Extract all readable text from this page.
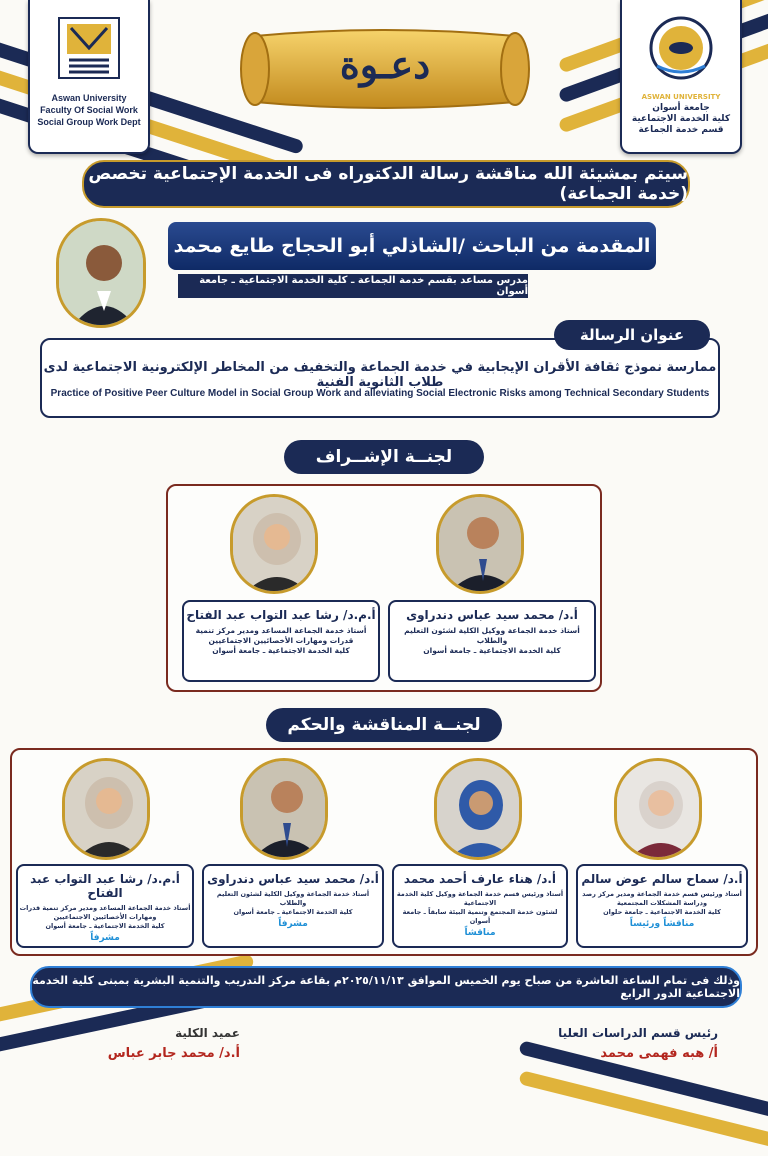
Aswan University
Faculty Of Social Work
Social Group Work Dept
ASWAN UNIVERSITY
جامعة أسوان
كلية الخدمة الاجتماعية
قسم خدمة الجماعة
دعـوة
سيتم بمشيئة الله مناقشة رسالة الدكتوراه فى الخدمة الإجتماعية تخصص (خدمة الجماعة)
المقدمة من الباحث /الشاذلي أبو الحجاج طايع محمد
مدرس مساعد بقسم خدمة الجماعة ـ كلية الخدمة الاجتماعية ـ جامعة أسوان
ممارسة نموذج ثقافة الأقران الإيجابية في خدمة الجماعة والتخفيف من المخاطر الإلكترونية الاجتماعية لدى طلاب الثانوية الفنية
Practice of Positive Peer Culture Model in Social Group Work and alleviating Social Electronic Risks among Technical Secondary Students
عنوان الرسالة
لجنــة الإشــراف
أ.د/ محمد سيد عباس دندراوى
أستاذ خدمة الجماعة ووكيل الكلية لشئون التعليم والطلاب
كلية الخدمة الاجتماعية ـ جامعة أسوان
أ.م.د/ رشا عبد التواب عبد الفتاح
أستاذ خدمة الجماعة المساعد ومدير مركز تنمية قدرات ومهارات الأخصائيين الاجتماعيين
كلية الخدمة الاجتماعية ـ جامعة أسوان
لجنــة المناقشة والحكم
أ.د/ سماح سالم عوض سالم
أستاذ ورئيس قسم خدمة الجماعة ومدير مركز رصد ودراسة المشكلات المجتمعية
كلية الخدمة الاجتماعية ـ جامعة حلوان
مناقشاً ورئيساً
أ.د/ هناء عارف أحمد محمد
أستاذ ورئيس قسم خدمة الجماعة ووكيل كلية الخدمة الاجتماعية
لشئون خدمة المجتمع وتنمية البيئة سابقاً ـ جامعة أسوان
مناقشاً
أ.د/ محمد سيد عباس دندراوى
أستاذ خدمة الجماعة ووكيل الكلية لشئون التعليم والطلاب
كلية الخدمة الاجتماعية ـ جامعة أسوان
مشرفاً
أ.م.د/ رشا عبد التواب عبد الفتاح
أستاذ خدمة الجماعة المساعد ومدير مركز تنمية قدرات ومهارات الأخصائيين الاجتماعيين
كلية الخدمة الاجتماعية ـ جامعة أسوان
مشرفاً
وذلك فى تمام الساعة العاشرة من صباح يوم الخميس الموافق ٢٠٢٥/١١/١٣م بقاعة مركز التدريب والتنمية البشرية بمبنى كلية الخدمة الاجتماعية الدور الرابع
رئيس قسم الدراسات العليا
أ/ هبه فهمى محمد
عميد الكلية
أ.د/ محمد جابر عباس
